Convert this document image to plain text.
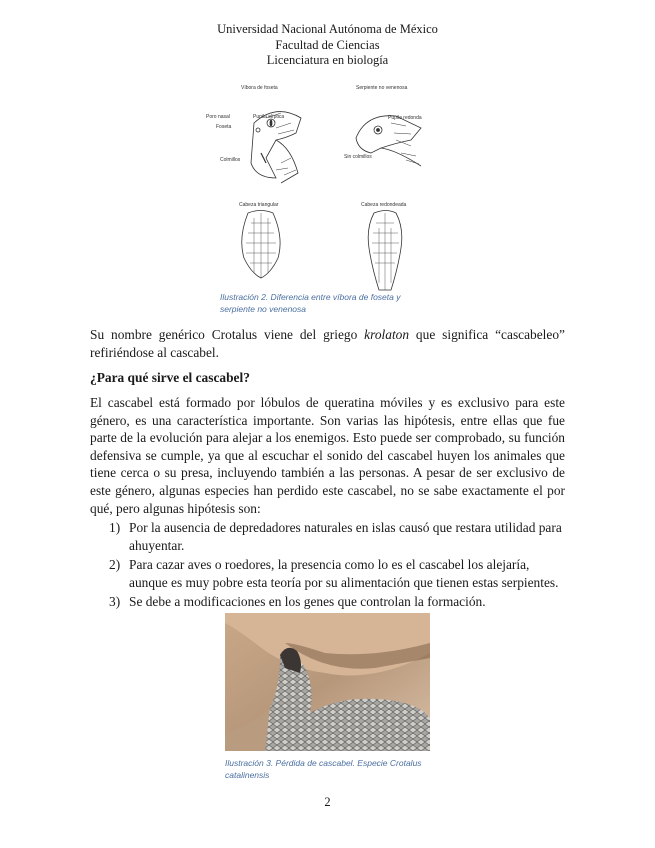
Universidad Nacional Autónoma de México
Facultad de Ciencias
Licenciatura en biología
Víbora de foseta	Serpiente no venenosa
Poro nasal	Pupila elíptica
Foseta
Colmillos
Pupila redonda
Sin colmillos
Cabeza triangular	Cabeza redondeada
Ilustración 2. Diferencia entre víbora de foseta y
serpiente no venenosa
Su nombre genérico Crotalus viene del griego krolaton que significa “cascabeleo” refiriéndose al cascabel.
¿Para qué sirve el cascabel?
El cascabel está formado por lóbulos de queratina móviles y es exclusivo para este género, es una característica importante. Son varias las hipótesis, entre ellas que fue parte de la evolución para alejar a los enemigos. Esto puede ser comprobado, su función defensiva se cumple, ya que al escuchar el sonido del cascabel huyen los animales que tiene cerca o su presa, incluyendo también a las personas. A pesar de ser exclusivo de este género, algunas especies han perdido este cascabel, no se sabe exactamente el por qué, pero algunas hipótesis son:
1) Por la ausencia de depredadores naturales en islas causó que restara utilidad para ahuyentar.
2) Para cazar aves o roedores, la presencia como lo es el cascabel los alejaría, aunque es muy pobre esta teoría por su alimentación que tienen estas serpientes.
3) Se debe a modificaciones en los genes que controlan la formación.
Ilustración 3. Pérdida de cascabel. Especie Crotalus
catalinensis
2
